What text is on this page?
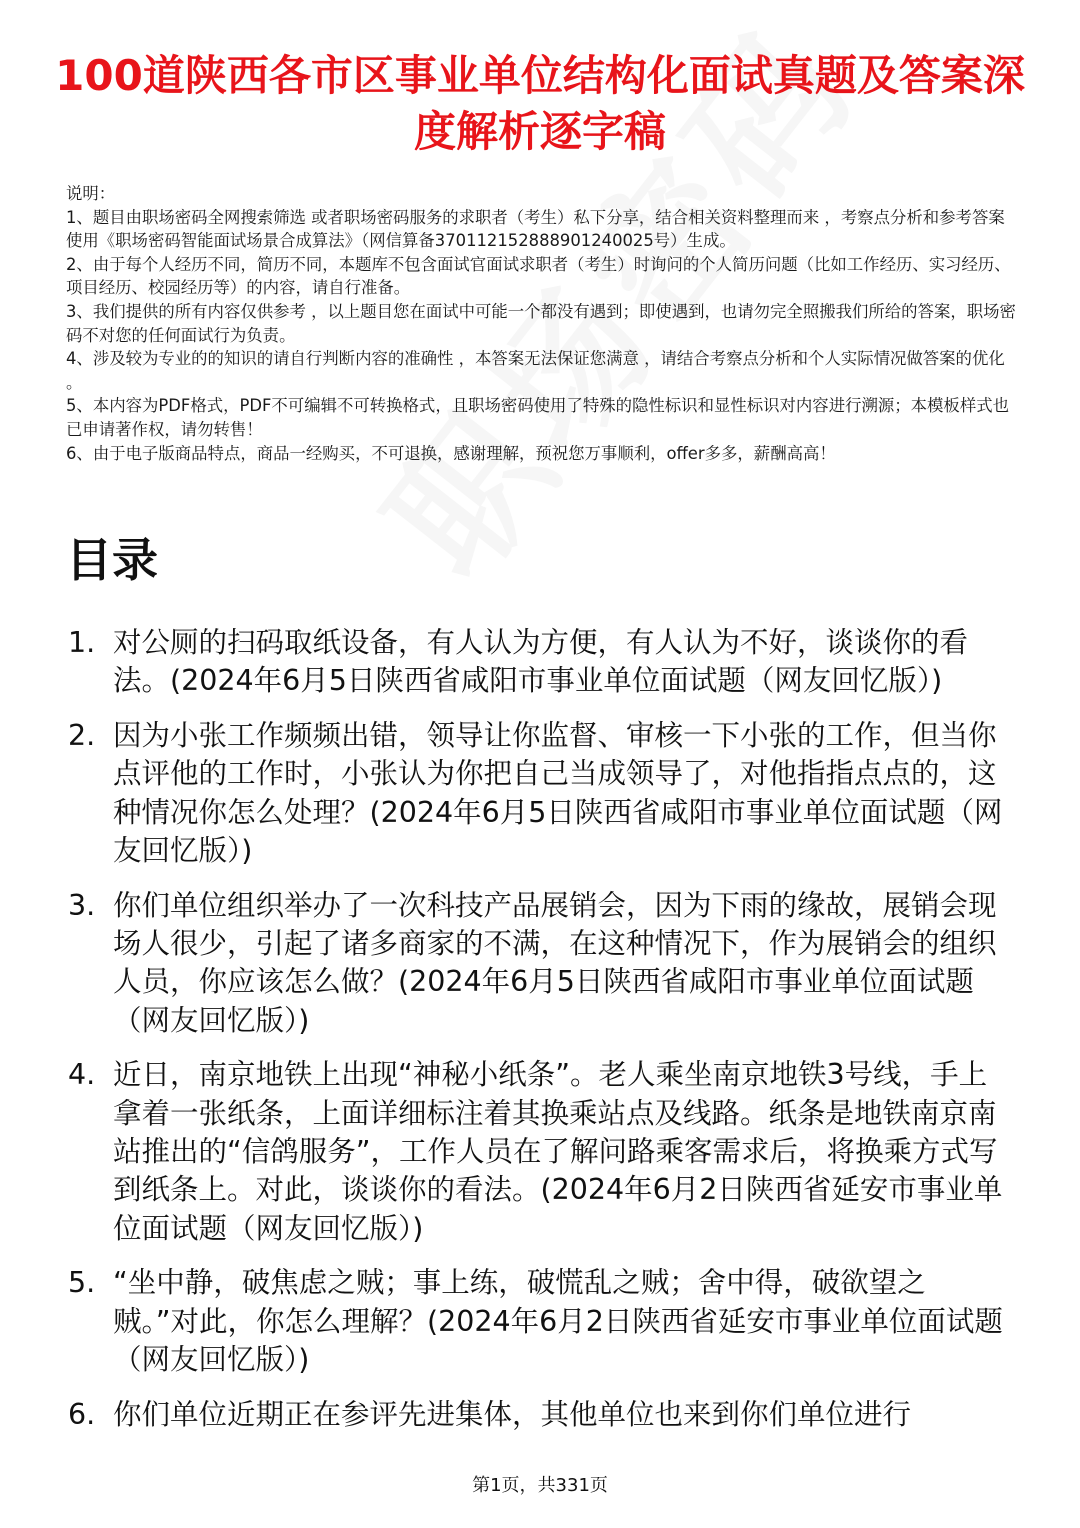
100道陕西各市区事业单位结构化面试真题及答案深度解析逐字稿

说明：

1、题目由职场密码全网搜索筛选 或者职场密码服务的求职者（考生）私下分享，结合相关资料整理而来 ，考察点分析和参考答案使用《职场密码智能面试场景合成算法》（网信算备370112152888901240025号）生成。

2、由于每个人经历不同，简历不同，本题库不包含面试官面试求职者（考生）时询问的个人简历问题（比如工作经历、实习经历、项目经历、校园经历等）的内容，请自行准备。

3、我们提供的所有内容仅供参考 ，以上题目您在面试中可能一个都没有遇到；即使遇到，也请勿完全照搬我们所给的答案，职场密码不对您的任何面试行为负责。

4、涉及较为专业的的知识的请自行判断内容的准确性 ，本答案无法保证您满意 ，请结合考察点分析和个人实际情况做答案的优化 。

5、本内容为PDF格式，PDF不可编辑不可转换格式，且职场密码使用了特殊的隐性标识和显性标识对内容进行溯源；本模板样式也已申请著作权，请勿转售！

6、由于电子版商品特点，商品一经购买，不可退换，感谢理解，预祝您万事顺利，offer多多，薪酬高高！

目录
1. 对公厕的扫码取纸设备，有人认为方便，有人认为不好，谈谈你的看法。(2024年6月5日陕西省咸阳市事业单位面试题（网友回忆版）)
2. 因为小张工作频频出错，领导让你监督、审核一下小张的工作，但当你点评他的工作时，小张认为你把自己当成领导了，对他指指点点的，这种情况你怎么处理？(2024年6月5日陕西省咸阳市事业单位面试题（网友回忆版）)
3. 你们单位组织举办了一次科技产品展销会，因为下雨的缘故，展销会现场人很少，引起了诸多商家的不满，在这种情况下，作为展销会的组织人员，你应该怎么做？(2024年6月5日陕西省咸阳市事业单位面试题（网友回忆版）)
4. 近日，南京地铁上出现“神秘小纸条”。老人乘坐南京地铁3号线，手上拿着一张纸条，上面详细标注着其换乘站点及线路。纸条是地铁南京南站推出的“信鸽服务”，工作人员在了解问路乘客需求后，将换乘方式写到纸条上。对此，谈谈你的看法。(2024年6月2日陕西省延安市事业单位面试题（网友回忆版）)
5. “坐中静，破焦虑之贼；事上练，破慌乱之贼；舍中得，破欲望之贼。”对此，你怎么理解？(2024年6月2日陕西省延安市事业单位面试题（网友回忆版）)
6. 你们单位近期正在参评先进集体，其他单位也来到你们单位进行
第1页，共331页
